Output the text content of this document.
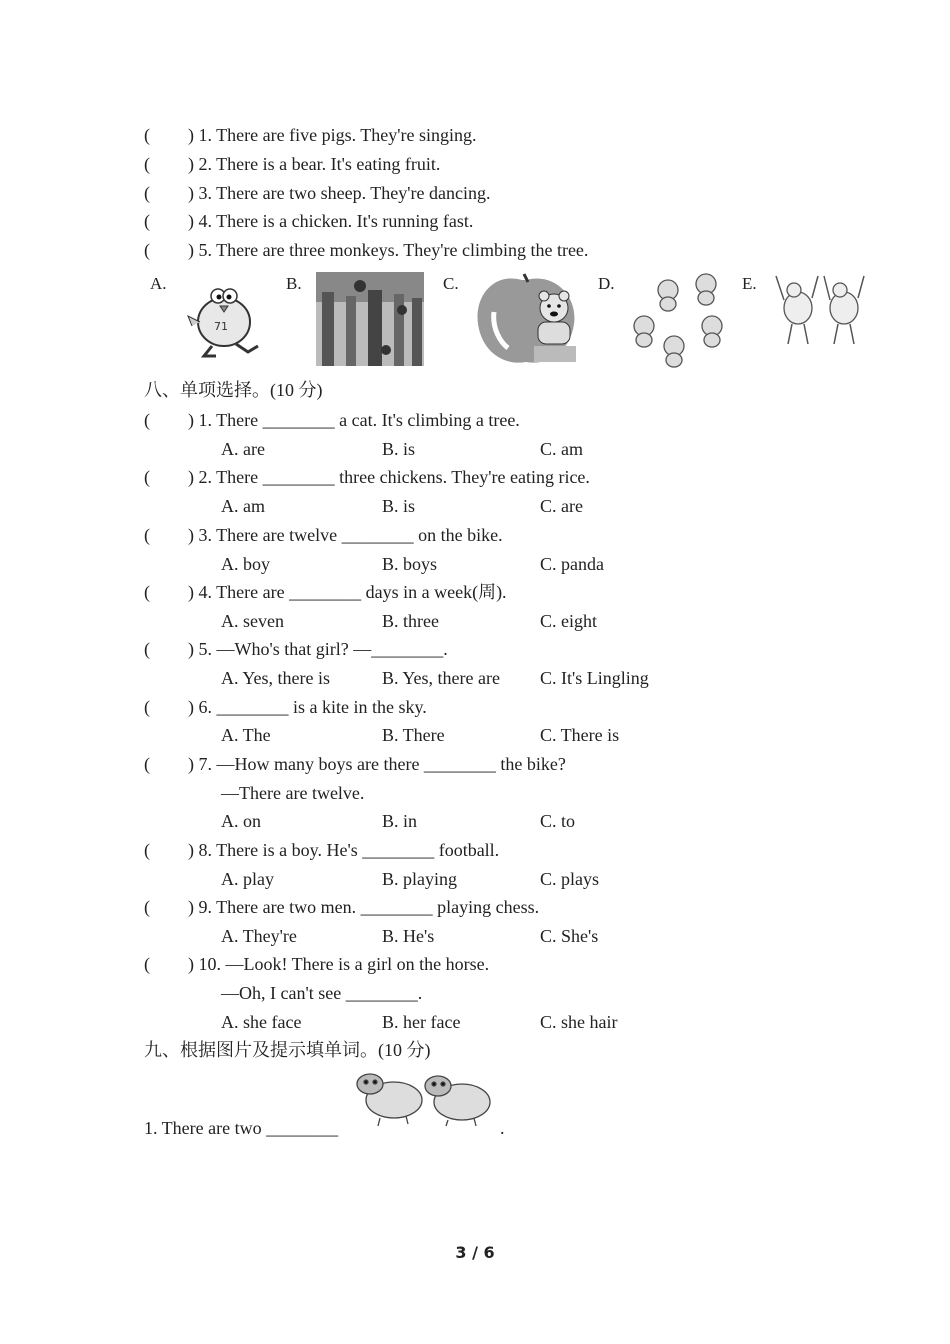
( ) 1. There are five pigs. They're singing.
( ) 2. There is a bear. It's eating fruit.
( ) 3. There are two sheep. They're dancing.
( ) 4. There is a chicken. It's running fast.
( ) 5. There are three monkeys. They're climbing the tree.
A.
71
B.	C.	D.	E.
八、单项选择。(10 分)
( ) 1. There ________ a cat. It's climbing a tree.
A. are	B. is	C. am
( ) 2. There ________ three chickens. They're eating rice.
A. am	B. is	C. are
( ) 3. There are twelve ________ on the bike.
A. boy	B. boys	C. panda
( ) 4. There are ________ days in a week(周).
A. seven	B. three	C. eight
( ) 5. —Who's that girl? —________.
A. Yes, there is	B. Yes, there are C. It's Lingling
( ) 6. ________ is a kite in the sky.
A. The	B. There	C. There is
( ) 7. —How many boys are there ________ the bike?
—There are twelve.
A. on	B. in	C. to
( ) 8. There is a boy. He's ________ football.
A. play	B. playing	C. plays
( ) 9. There are two men. ________ playing chess.
A. They're	B. He's	C. She's
( ) 10. —Look! There is a girl on the horse.
—Oh, I can't see ________.
A. she face	B. her face	C. she hair
九、根据图片及提示填单词。(10 分)
1. There are two ________	.
3 / 6
